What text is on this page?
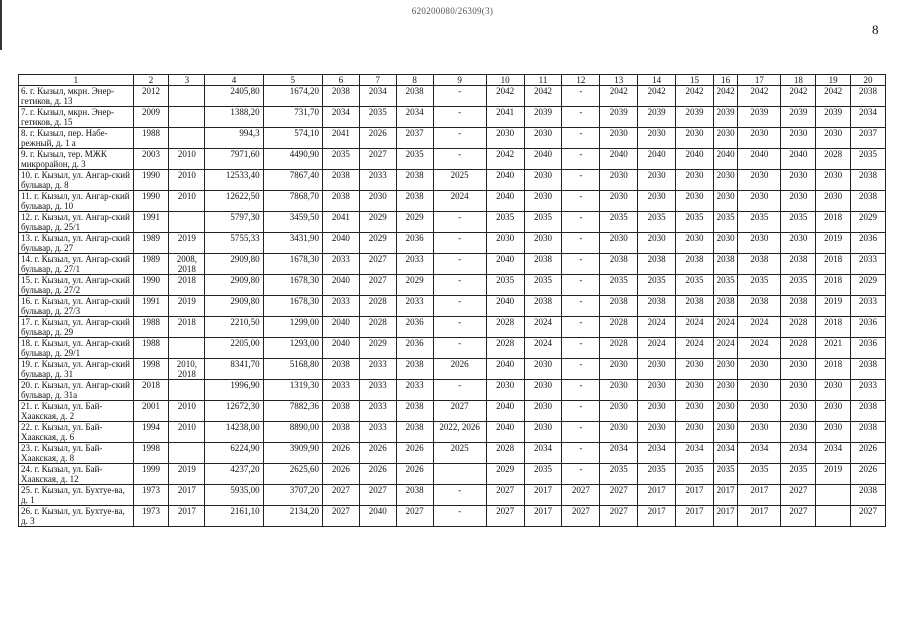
620200080/26309(3)
8
1	2	3	4	5	6	7	8	9	10	11	12	13	14	15	16	17	18	19	20
6. г. Кызыл, мкрн. Энер-гетиков, д. 13	2012		2405,80	1674,20	2038	2034	2038	-	2042	2042	-	2042	2042	2042	2042	2042	2042	2042	2038
7. г. Кызыл, мкрн. Энер-гетиков, д. 15	2009		1388,20	731,70	2034	2035	2034	-	2041	2039	-	2039	2039	2039	2039	2039	2039	2039	2034
8. г. Кызыл, пер. Набе-режный, д. 1 а	1988		994,3	574,10	2041	2026	2037	-	2030	2030	-	2030	2030	2030	2030	2030	2030	2030	2037
9. г. Кызыл, тер. МЖК микрорайон, д. 3	2003	2010	7971,60	4490,90	2035	2027	2035	-	2042	2040	-	2040	2040	2040	2040	2040	2040	2028	2035
10. г. Кызыл, ул. Ангар-ский бульвар, д. 8	1990	2010	12533,40	7867,40	2038	2033	2038	2025	2040	2030	-	2030	2030	2030	2030	2030	2030	2030	2038
11. г. Кызыл, ул. Ангар-ский бульвар, д. 10	1990	2010	12622,50	7868,70	2038	2030	2038	2024	2040	2030	-	2030	2030	2030	2030	2030	2030	2030	2038
12. г. Кызыл, ул. Ангар-ский бульвар, д. 25/1	1991		5797,30	3459,50	2041	2029	2029	-	2035	2035	-	2035	2035	2035	2035	2035	2035	2018	2029
13. г. Кызыл, ул. Ангар-ский бульвар, д. 27	1989	2019	5755,33	3431,90	2040	2029	2036	-	2030	2030	-	2030	2030	2030	2030	2030	2030	2019	2036
14. г. Кызыл, ул. Ангар-ский бульвар, д. 27/1	1989	2008, 2018	2909,80	1678,30	2033	2027	2033	-	2040	2038	-	2038	2038	2038	2038	2038	2038	2018	2033
15. г. Кызыл, ул. Ангар-ский бульвар, д. 27/2	1990	2018	2909,80	1678,30	2040	2027	2029	-	2035	2035	-	2035	2035	2035	2035	2035	2035	2018	2029
16. г. Кызыл, ул. Ангар-ский бульвар, д. 27/3	1991	2019	2909,80	1678,30	2033	2028	2033	-	2040	2038	-	2038	2038	2038	2038	2038	2038	2019	2033
17. г. Кызыл, ул. Ангар-ский бульвар, д. 29	1988	2018	2210,50	1299,00	2040	2028	2036	-	2028	2024	-	2028	2024	2024	2024	2024	2028	2018	2036
18. г. Кызыл, ул. Ангар-ский бульвар, д. 29/1	1988		2205,00	1293,00	2040	2029	2036	-	2028	2024	-	2028	2024	2024	2024	2024	2028	2021	2036
19. г. Кызыл, ул. Ангар-ский бульвар, д. 31	1998	2010, 2018	8341,70	5168,80	2038	2033	2038	2026	2040	2030	-	2030	2030	2030	2030	2030	2030	2018	2038
20. г. Кызыл, ул. Ангар-ский бульвар, д. 31а	2018		1996,90	1319,30	2033	2033	2033	-	2030	2030	-	2030	2030	2030	2030	2030	2030	2030	2033
21. г. Кызыл, ул. Бай-Хаакская, д. 2	2001	2010	12672,30	7882,36	2038	2033	2038	2027	2040	2030	-	2030	2030	2030	2030	2030	2030	2030	2038
22. г. Кызыл, ул. Бай-Хаакская, д. 6	1994	2010	14238,00	8890,00	2038	2033	2038	2022, 2026	2040	2030	-	2030	2030	2030	2030	2030	2030	2030	2038
23. г. Кызыл, ул. Бай-Хаакская, д. 8	1998		6224,90	3909,90	2026	2026	2026	2025	2028	2034	-	2034	2034	2034	2034	2034	2034	2034	2026
24. г. Кызыл, ул. Бай-Хаакская, д. 12	1999	2019	4237,20	2625,60	2026	2026	2026		2029	2035	-	2035	2035	2035	2035	2035	2035	2019	2026
25. г. Кызыл, ул. Бухтуе-ва, д. 1	1973	2017	5935,00	3707,20	2027	2027	2038	-	2027	2017	2027	2027	2017	2017	2017	2017	2027		2038
26. г. Кызыл, ул. Бухтуе-ва, д. 3	1973	2017	2161,10	2134,20	2027	2040	2027	-	2027	2017	2027	2027	2017	2017	2017	2017	2027		2027
